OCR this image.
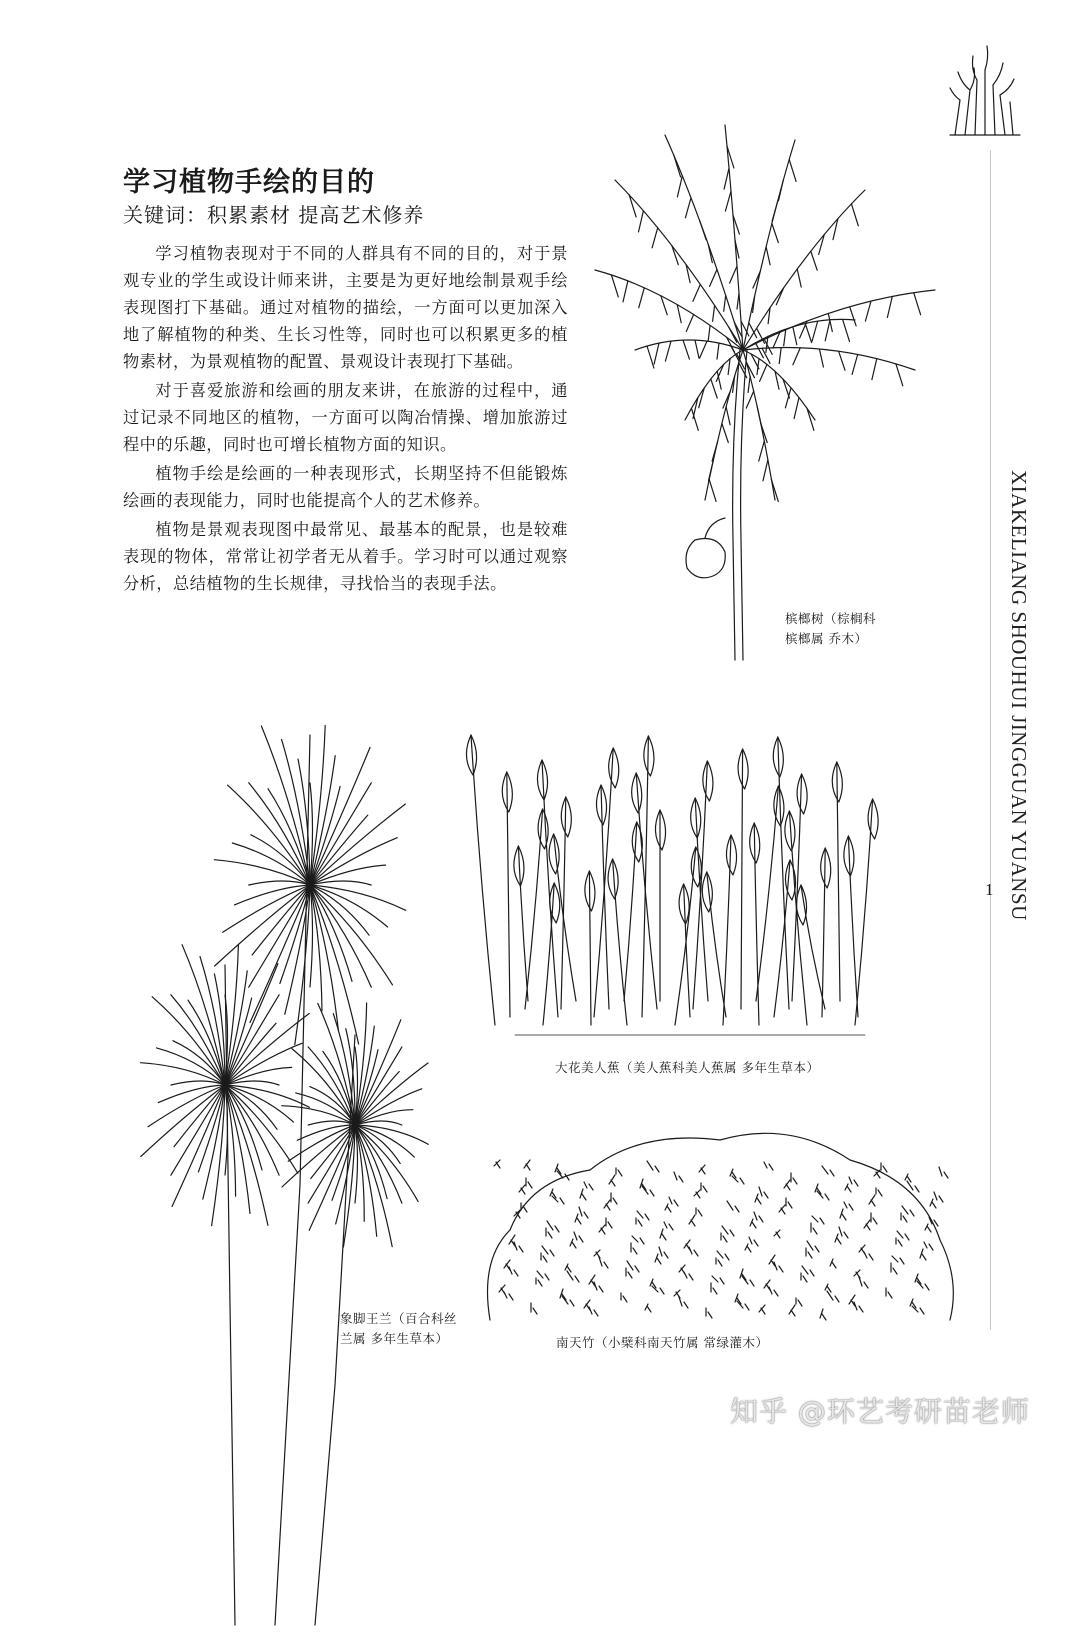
XIAKELIANG SHOUHUI JINGGUAN YUANSU
1
学习植物手绘的目的
关键词：积累素材 提高艺术修养

学习植物表现对于不同的人群具有不同的目的，对于景观专业的学生或设计师来讲，主要是为更好地绘制景观手绘表现图打下基础。通过对植物的描绘，一方面可以更加深入地了解植物的种类、生长习性等，同时也可以积累更多的植物素材，为景观植物的配置、景观设计表现打下基础。

对于喜爱旅游和绘画的朋友来讲，在旅游的过程中，通过记录不同地区的植物，一方面可以陶冶情操、增加旅游过程中的乐趣，同时也可增长植物方面的知识。

植物手绘是绘画的一种表现形式，长期坚持不但能锻炼绘画的表现能力，同时也能提高个人的艺术修养。

植物是景观表现图中最常见、最基本的配景，也是较难表现的物体，常常让初学者无从着手。学习时可以通过观察分析，总结植物的生长规律，寻找恰当的表现手法。

槟榔树（棕榈科
槟榔属 乔木）
大花美人蕉（美人蕉科美人蕉属 多年生草本）
象脚王兰（百合科丝
兰属 多年生草本）	南天竹（小檗科南天竹属 常绿灌木）
知乎 @环艺考研苗老师
